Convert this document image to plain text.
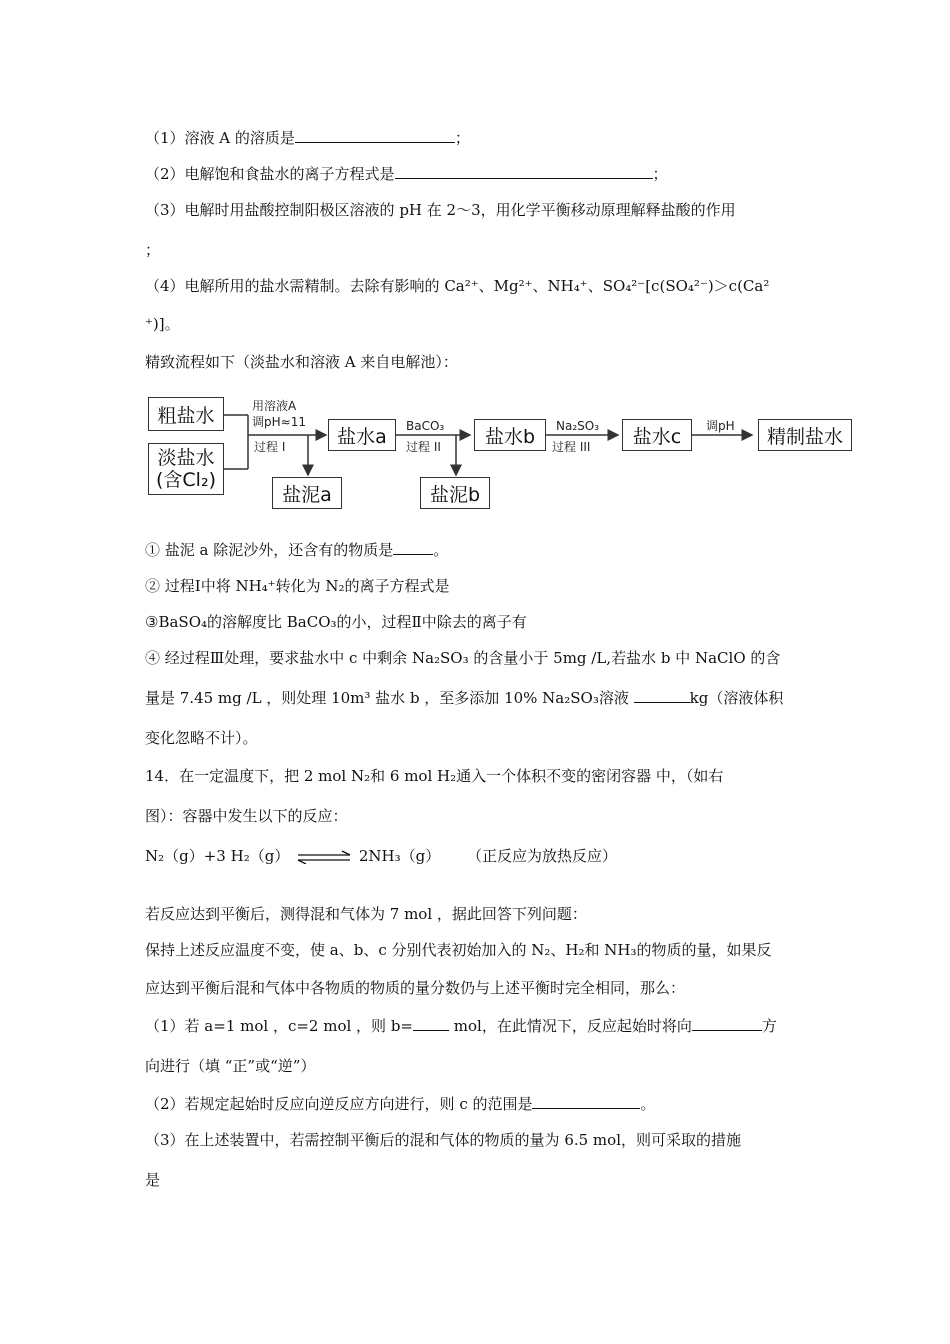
（1）溶液 A 的溶质是	；
（2）电解饱和食盐水的离子方程式是	；
（3）电解时用盐酸控制阳极区溶液的 pH 在 2～3，用化学平衡移动原理解释盐酸的作用
；
（4）电解所用的盐水需精制。去除有影响的 Ca²⁺、Mg²⁺、NH₄⁺、SO₄²⁻[c(SO₄²⁻)＞c(Ca²
⁺)]。
精致流程如下（淡盐水和溶液 A 来自电解池）：
粗盐水
淡盐水
(含Cl₂)
用溶液A
调pH≈11
过程 I	盐水a BaCO₃
过程 II 盐水b Na₂SO₃
过程 III 盐水c 调pH 精制盐水
盐泥a	盐泥b
① 盐泥 a 除泥沙外，还含有的物质是	。
② 过程Ⅰ中将 NH₄⁺转化为 N₂的离子方程式是
③BaSO₄的溶解度比 BaCO₃的小，过程Ⅱ中除去的离子有
④ 经过程Ⅲ处理，要求盐水中 c 中剩余 Na₂SO₃ 的含量小于 5mg /L,若盐水 b 中 NaClO 的含
量是 7.45 mg /L ，则处理 10m³ 盐水 b ，至多添加 10% Na₂SO₃溶液	kg（溶液体积
变化忽略不计）。
14．在一定温度下，把 2 mol N₂和 6 mol H₂通入一个体积不变的密闭容器 中，（如右
图）：容器中发生以下的反应：
N₂（g）+3 H₂（g） ⇌ 2NH₃（g） （正反应为放热反应）
若反应达到平衡后，测得混和气体为 7 mol ，据此回答下列问题：
保持上述反应温度不变，使 a、b、c 分别代表初始加入的 N₂、H₂和 NH₃的物质的量，如果反
应达到平衡后混和气体中各物质的物质的量分数仍与上述平衡时完全相同，那么：
（1）若 a=1 mol ，c=2 mol ，则 b= mol，在此情况下，反应起始时将向	方
向进行（填 “正”或“逆”）
（2）若规定起始时反应向逆反应方向进行，则 c 的范围是	。
（3）在上述装置中，若需控制平衡后的混和气体的物质的量为 6.5 mol，则可采取的措施
是
